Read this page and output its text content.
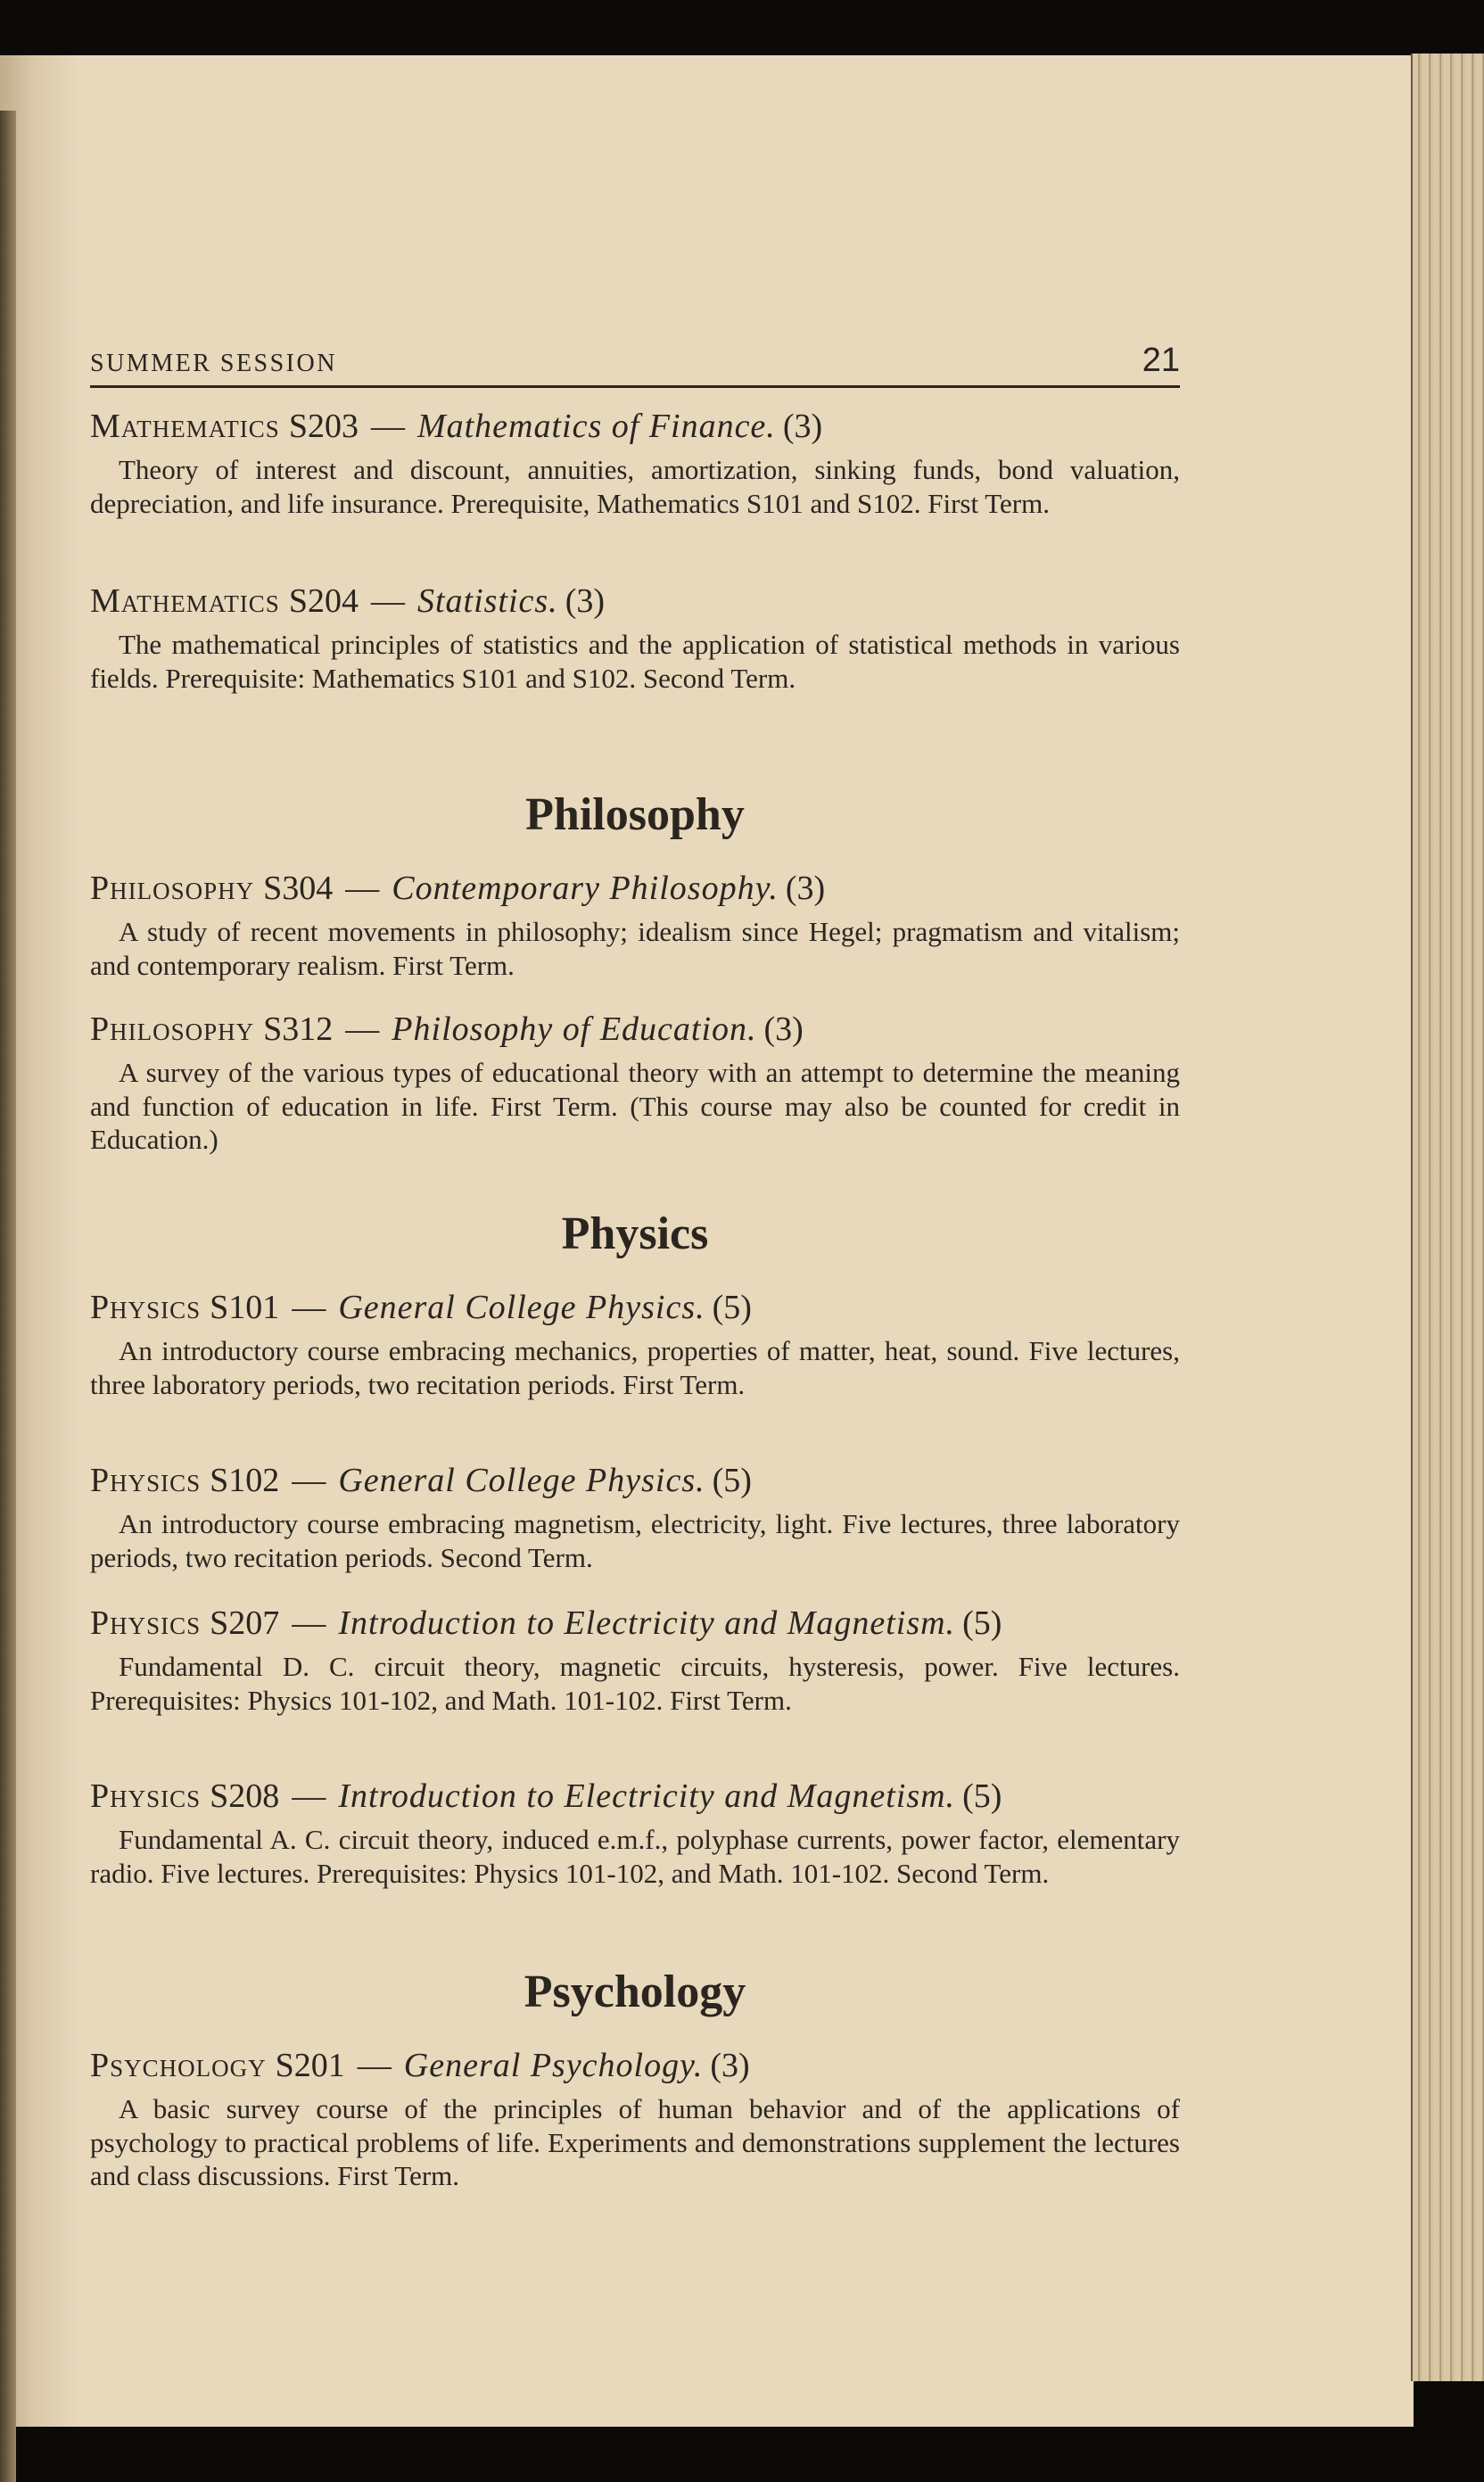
SUMMER SESSION	21
Mathematics S203 — Mathematics of Finance. (3)

Theory of interest and discount, annuities, amortization, sinking funds, bond valuation, depreciation, and life insurance. Prerequisite, Mathematics S101 and S102. First Term.

Mathematics S204 — Statistics. (3)

The mathematical principles of statistics and the application of statistical methods in various fields. Prerequisite: Mathematics S101 and S102. Second Term.

Philosophy
Philosophy S304 — Contemporary Philosophy. (3)

A study of recent movements in philosophy; idealism since Hegel; pragmatism and vitalism; and contemporary realism. First Term.

Philosophy S312 — Philosophy of Education. (3)

A survey of the various types of educational theory with an attempt to determine the meaning and function of education in life. First Term. (This course may also be counted for credit in Education.)

Physics
Physics S101 — General College Physics. (5)

An introductory course embracing mechanics, properties of matter, heat, sound. Five lectures, three laboratory periods, two recitation periods. First Term.

Physics S102 — General College Physics. (5)

An introductory course embracing magnetism, electricity, light. Five lectures, three laboratory periods, two recitation periods. Second Term.

Physics S207 — Introduction to Electricity and Magnetism. (5)

Fundamental D. C. circuit theory, magnetic circuits, hysteresis, power. Five lectures. Prerequisites: Physics 101-102, and Math. 101-102. First Term.

Physics S208 — Introduction to Electricity and Magnetism. (5)

Fundamental A. C. circuit theory, induced e.m.f., polyphase currents, power factor, elementary radio. Five lectures. Prerequisites: Physics 101-102, and Math. 101-102. Second Term.

Psychology
Psychology S201 — General Psychology. (3)

A basic survey course of the principles of human behavior and of the applications of psychology to practical problems of life. Experiments and demonstrations supplement the lectures and class discussions. First Term.
